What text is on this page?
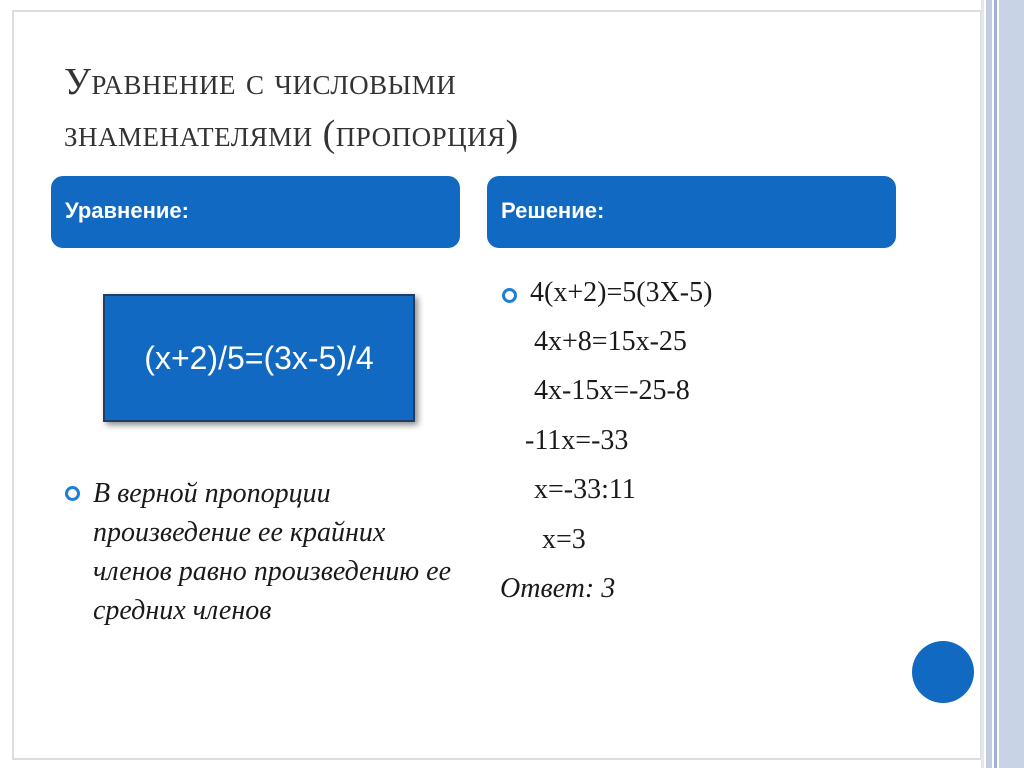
Уравнение с числовыми
знаменателями (пропорция)
Уравнение:	Решение:
(x+2)/5=(3x-5)/4
В верной пропорции произведение ее крайних членов равно произведению ее средних членов
4(x+2)=5(3X-5)
4x+8=15x-25
4x-15x=-25-8
-11x=-33
x=-33:11
x=3
Ответ: 3
